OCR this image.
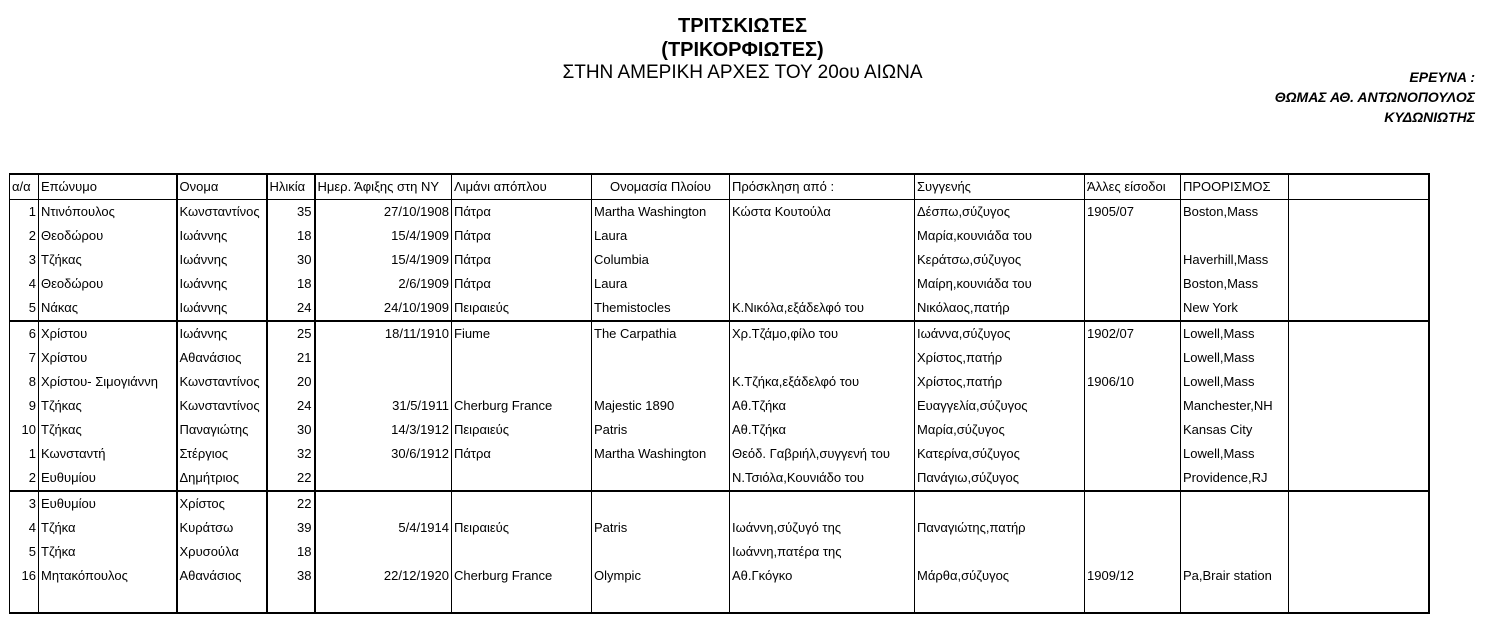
ΤΡΙΤΣΚΙΩΤΕΣ
(ΤΡΙΚΟΡΦΙΩΤΕΣ)
ΣΤΗΝ ΑΜΕΡΙΚΗ ΑΡΧΕΣ ΤΟΥ 20ου ΑΙΩΝΑ	ΕΡΕΥΝΑ :
ΘΩΜΑΣ ΑΘ. ΑΝΤΩΝΟΠΟΥΛΟΣ
ΚΥΔΩΝΙΩΤΗΣ
α/α	Επώνυμο	Ονομα	Ηλικία	Ημερ. Άφιξης στη ΝΥ	Λιμάνι απόπλου	Ονομασία Πλοίου	Πρόσκληση από :	Συγγενής	Άλλες είσοδοι	ΠΡΟΟΡΙΣΜΟΣ	
1	Ντινόπουλος	Κωνσταντίνος	35	27/10/1908	Πάτρα	Martha Washington	Κώστα Κουτούλα	Δέσπω,σύζυγος	1905/07	Boston,Mass	
2	Θεοδώρου	Ιωάννης	18	15/4/1909	Πάτρα	Laura		Μαρία,κουνιάδα του			
3	Τζήκας	Ιωάννης	30	15/4/1909	Πάτρα	Columbia		Κεράτσω,σύζυγος		Haverhill,Mass	
4	Θεοδώρου	Ιωάννης	18	2/6/1909	Πάτρα	Laura		Μαίρη,κουνιάδα του		Boston,Mass	
5	Νάκας	Ιωάννης	24	24/10/1909	Πειραιεύς	Themistocles	Κ.Νικόλα,εξάδελφό του	Νικόλαος,πατήρ		New York	
6	Χρίστου	Ιωάννης	25	18/11/1910	Fiume	The Carpathia	Χρ.Τζάμο,φίλο του	Ιωάννα,σύζυγος	1902/07	Lowell,Mass	
7	Χρίστου	Αθανάσιος	21					Χρίστος,πατήρ		Lowell,Mass	
8	Χρίστου- Σιμογιάννη	Κωνσταντίνος	20				Κ.Τζήκα,εξάδελφό του	Χρίστος,πατήρ	1906/10	Lowell,Mass	
9	Τζήκας	Κωνσταντίνος	24	31/5/1911	Cherburg France	Majestic 1890	Αθ.Τζήκα	Ευαγγελία,σύζυγος		Manchester,NH	
10	Τζήκας	Παναγιώτης	30	14/3/1912	Πειραιεύς	Patris	Αθ.Τζήκα	Μαρία,σύζυγος		Kansas City	
1	Κωνσταντή	Στέργιος	32	30/6/1912	Πάτρα	Martha Washington	Θεόδ. Γαβριήλ,συγγενή του	Κατερίνα,σύζυγος		Lowell,Mass	
2	Ευθυμίου	Δημήτριος	22				Ν.Τσιόλα,Κουνιάδο του	Πανάγιω,σύζυγος		Providence,RJ	
3	Ευθυμίου	Χρίστος	22								
4	Τζήκα	Κυράτσω	39	5/4/1914	Πειραιεύς	Patris	Ιωάννη,σύζυγό της	Παναγιώτης,πατήρ			
5	Τζήκα	Χρυσούλα	18				Ιωάννη,πατέρα της				
16	Μητακόπουλος	Αθανάσιος	38	22/12/1920	Cherburg France	Olympic	Αθ.Γκόγκο	Μάρθα,σύζυγος	1909/12	Pa,Brair station	
